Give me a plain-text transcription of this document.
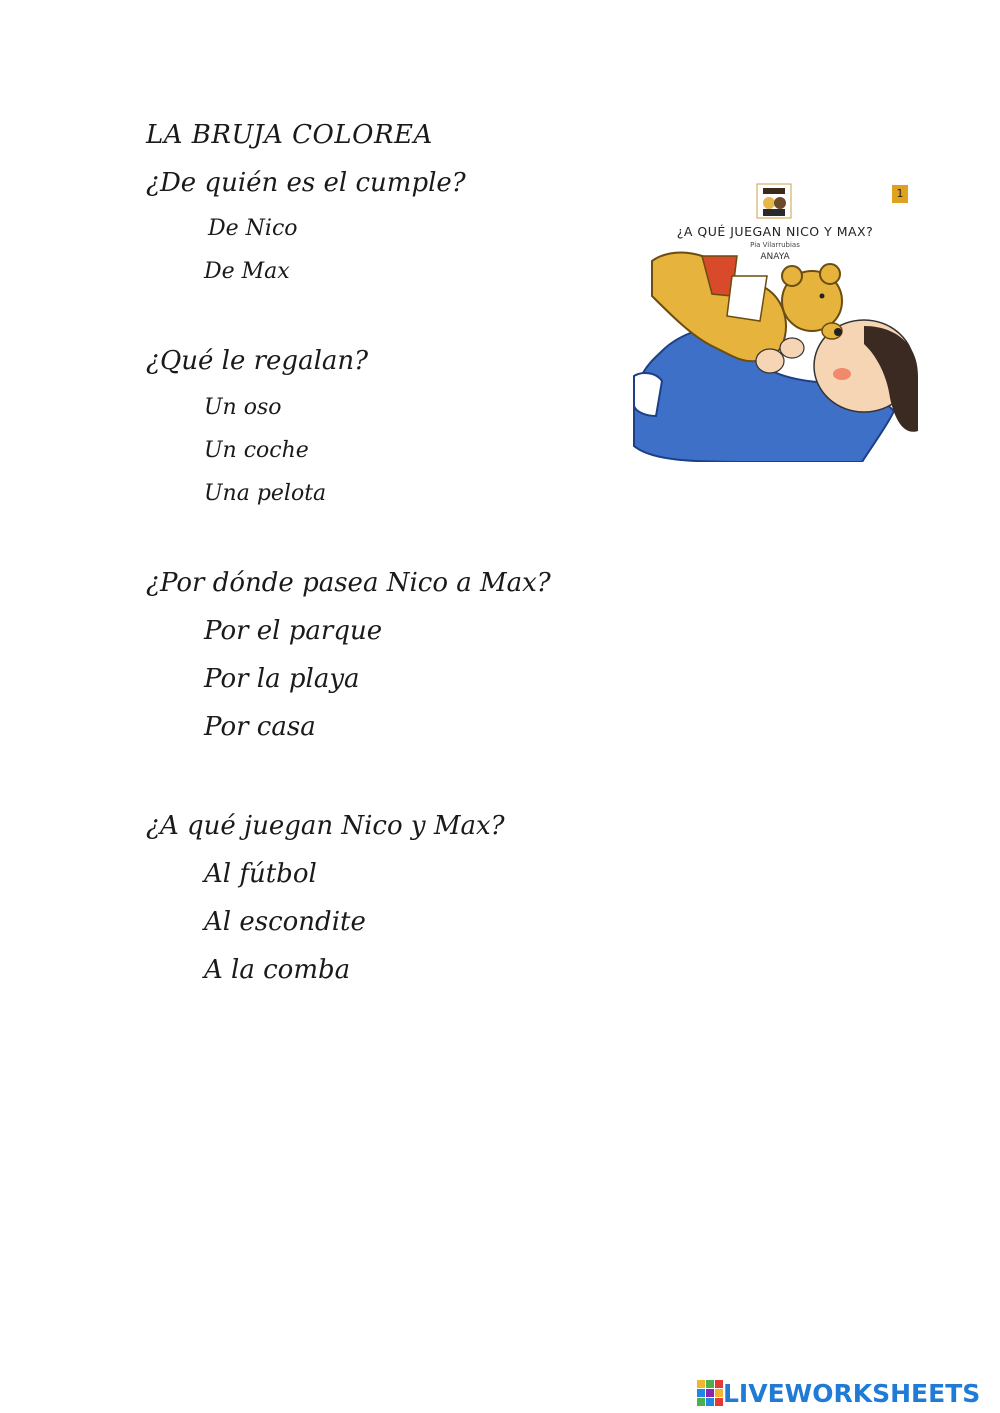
LA BRUJA COLOREA
¿De quién es el cumple?
De Nico
De Max
¿Qué le regalan?
Un oso
Un coche
Una pelota
¿Por dónde pasea Nico a Max?
Por el parque
Por la playa
Por casa
¿A qué juegan Nico y Max?
Al fútbol
Al escondite
A la comba
1
¿A QUÉ JUEGAN NICO Y MAX?
Pia Vilarrubias
ANAYA
LIVEWORKSHEETS
